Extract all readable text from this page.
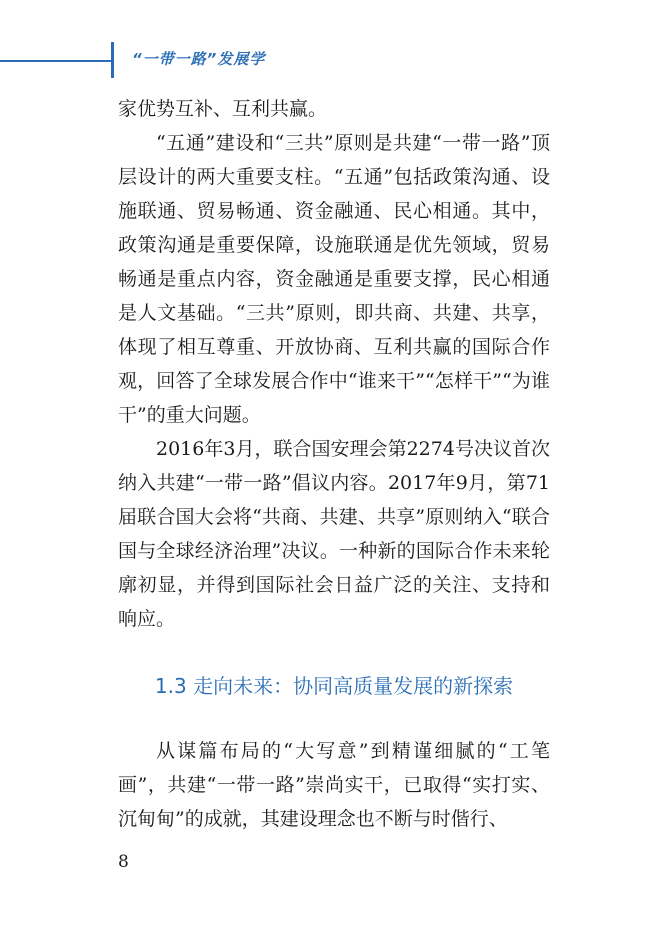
“一带一路”发展学

家优势互补、互利共赢。

“五通”建设和“三共”原则是共建“一带一路”顶层设计的两大重要支柱。“五通”包括政策沟通、设施联通、贸易畅通、资金融通、民心相通。其中，政策沟通是重要保障，设施联通是优先领域，贸易畅通是重点内容，资金融通是重要支撑，民心相通是人文基础。“三共”原则，即共商、共建、共享，体现了相互尊重、开放协商、互利共赢的国际合作观，回答了全球发展合作中“谁来干”“怎样干”“为谁干”的重大问题。

2016年3月，联合国安理会第2274号决议首次纳入共建“一带一路”倡议内容。2017年9月，第71届联合国大会将“共商、共建、共享”原则纳入“联合国与全球经济治理”决议。一种新的国际合作未来轮廓初显，并得到国际社会日益广泛的关注、支持和响应。

1.3 走向未来：协同高质量发展的新探索

从谋篇布局的“大写意”到精谨细腻的“工笔画”，共建“一带一路”崇尚实干，已取得“实打实、沉甸甸”的成就，其建设理念也不断与时偕行、

8
